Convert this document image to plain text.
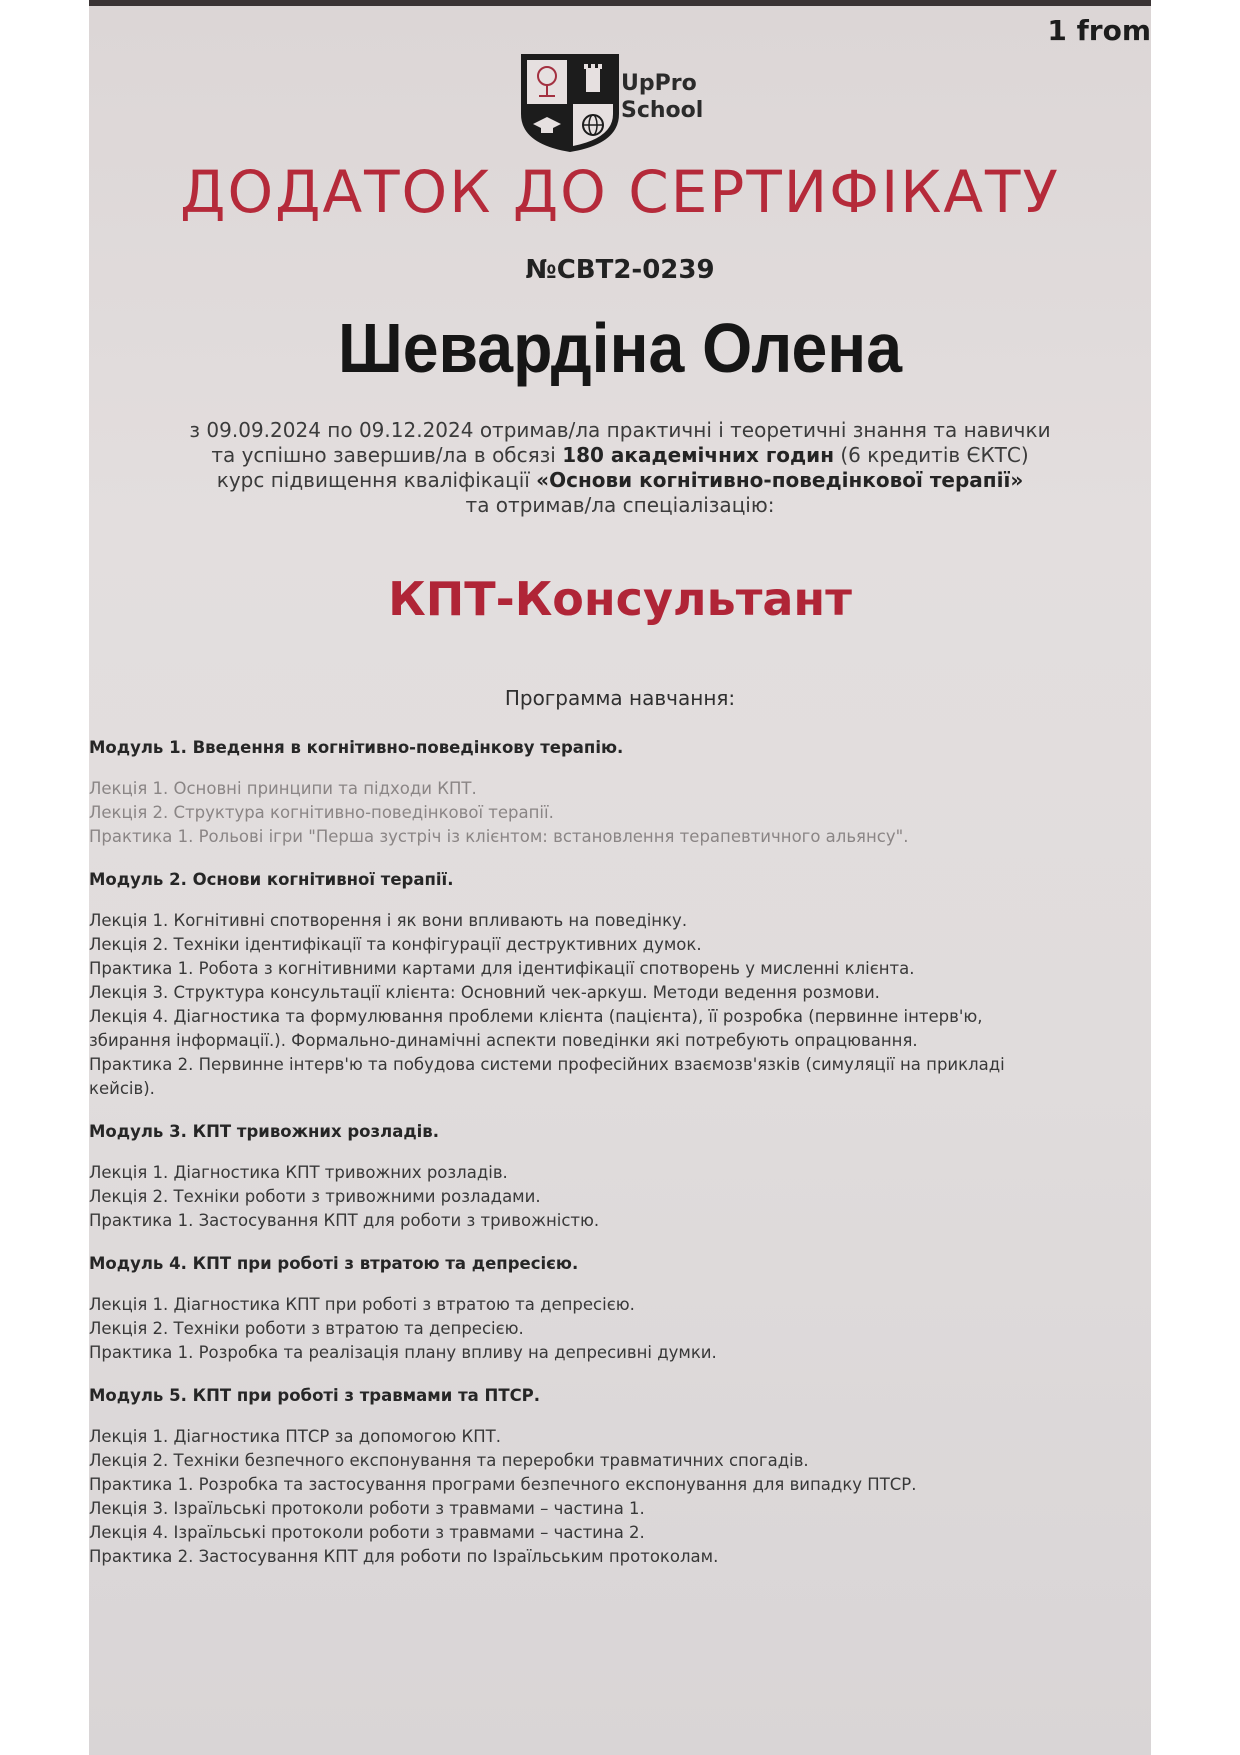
1 from
UpPro
School
ДОДАТОК ДО СЕРТИФІКАТУ
№CBT2-0239
Шевардіна Олена
з 09.09.2024 по 09.12.2024 отримав/ла практичні і теоретичні знання та навички
та успішно завершив/ла в обсязі 180 академічних годин (6 кредитів ЄКТС)
курс підвищення кваліфікації «Основи когнітивно-поведінкової терапії»
та отримав/ла спеціалізацію:
КПТ-Консультант
Программа навчання:
Модуль 1. Введення в когнітивно-поведінкову терапію.
Лекція 1. Основні принципи та підходи КПТ.
Лекція 2. Структура когнітивно-поведінкової терапії.
Практика 1. Рольові ігри "Перша зустріч із клієнтом: встановлення терапевтичного альянсу".
Модуль 2. Основи когнітивної терапії.
Лекція 1. Когнітивні спотворення і як вони впливають на поведінку.
Лекція 2. Техніки ідентифікації та конфігурації деструктивних думок.
Практика 1. Робота з когнітивними картами для ідентифікації спотворень у мисленні клієнта.
Лекція 3. Структура консультації клієнта: Основний чек-аркуш. Методи ведення розмови.
Лекція 4. Діагностика та формулювання проблеми клієнта (пацієнта), її розробка (первинне інтерв'ю,
збирання інформації.). Формально-динамічні аспекти поведінки які потребують опрацювання.
Практика 2. Первинне інтерв'ю та побудова системи професійних взаємозв'язків (симуляції на прикладі
кейсів).
Модуль 3. КПТ тривожних розладів.
Лекція 1. Діагностика КПТ тривожних розладів.
Лекція 2. Техніки роботи з тривожними розладами.
Практика 1. Застосування КПТ для роботи з тривожністю.
Модуль 4. КПТ при роботі з втратою та депресією.
Лекція 1. Діагностика КПТ при роботі з втратою та депресією.
Лекція 2. Техніки роботи з втратою та депресією.
Практика 1. Розробка та реалізація плану впливу на депресивні думки.
Модуль 5. КПТ при роботі з травмами та ПТСР.
Лекція 1. Діагностика ПТСР за допомогою КПТ.
Лекція 2. Техніки безпечного експонування та переробки травматичних спогадів.
Практика 1. Розробка та застосування програми безпечного експонування для випадку ПТСР.
Лекція 3. Ізраїльські протоколи роботи з травмами – частина 1.
Лекція 4. Ізраїльські протоколи роботи з травмами – частина 2.
Практика 2. Застосування КПТ для роботи по Ізраїльським протоколам.
